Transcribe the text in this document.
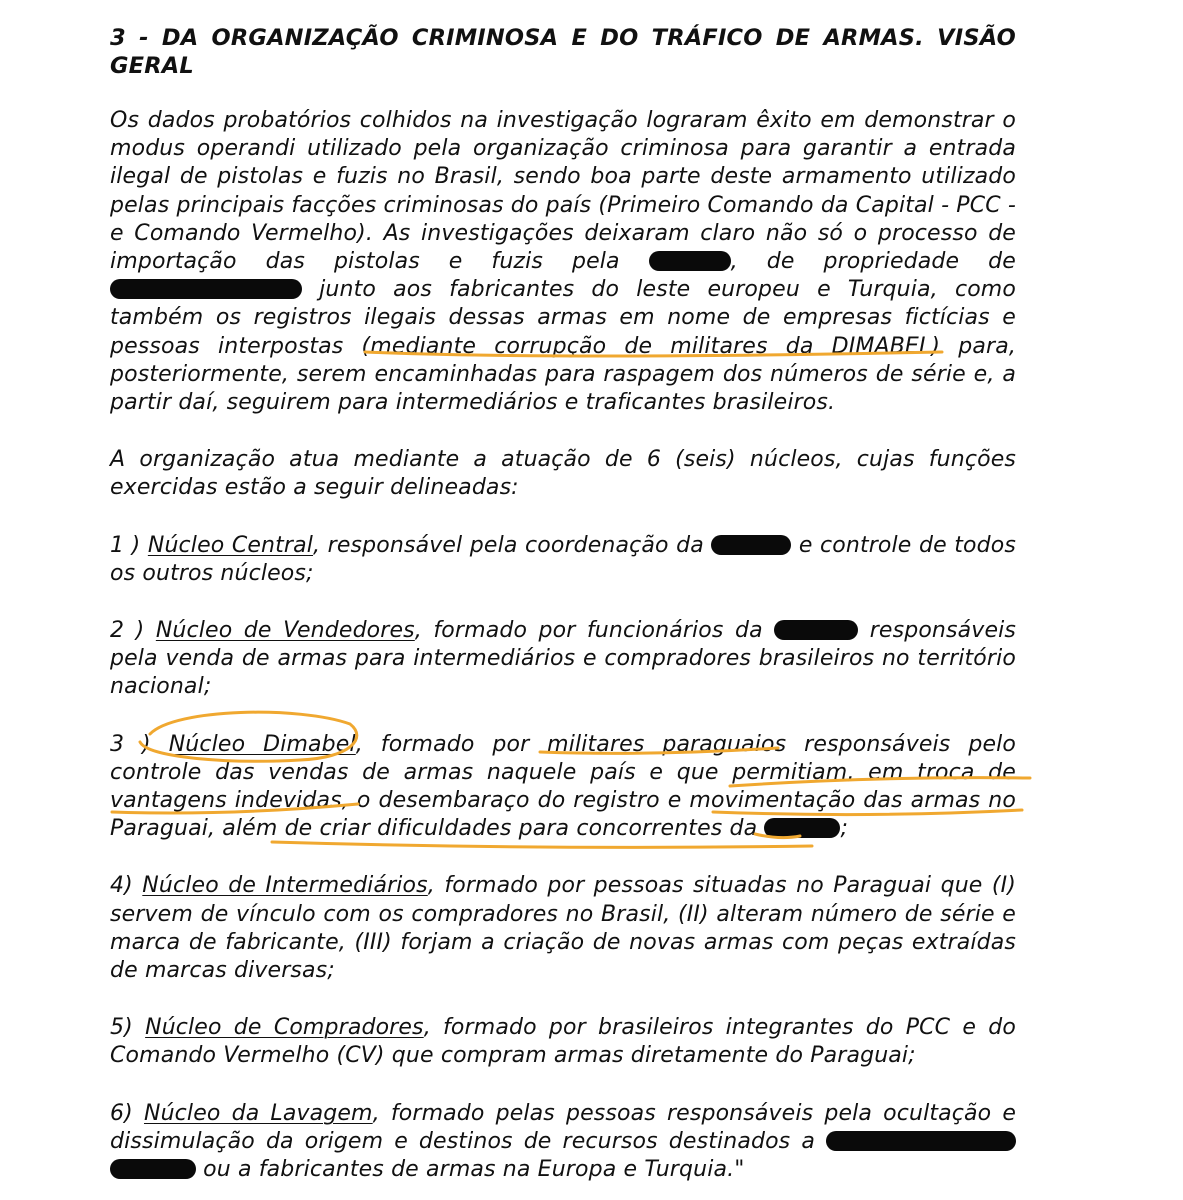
3 - DA ORGANIZAÇÃO CRIMINOSA E DO TRÁFICO DE ARMAS. VISÃO GERAL

Os dados probatórios colhidos na investigação lograram êxito em demonstrar o modus operandi utilizado pela organização criminosa para garantir a entrada ilegal de pistolas e fuzis no Brasil, sendo boa parte deste armamento utilizado pelas principais facções criminosas do país (Primeiro Comando da Capital - PCC - e Comando Vermelho). As investigações deixaram claro não só o processo de importação das pistolas e fuzis pela	, de propriedade de  junto aos fabricantes do leste europeu e Turquia, como também os registros ilegais dessas armas em nome de empresas fictícias e pessoas interpostas (mediante corrupção de militares da DIMABEL) para, posteriormente, serem encaminhadas para raspagem dos números de série e, a partir daí, seguirem para intermediários e traficantes brasileiros.

A organização atua mediante a atuação de 6 (seis) núcleos, cujas funções exercidas estão a seguir delineadas:

1 ) Núcleo Central, responsável pela coordenação da	e controle de todos os outros núcleos;

2 ) Núcleo de Vendedores, formado por funcionários da	responsáveis pela venda de armas para intermediários e compradores brasileiros no território nacional;

3 ) Núcleo Dimabel, formado por militares paraguaios responsáveis pelo controle das vendas de armas naquele país e que permitiam, em troca de vantagens indevidas, o desembaraço do registro e movimentação das armas no Paraguai, além de criar dificuldades para concorrentes da	;

4) Núcleo de Intermediários, formado por pessoas situadas no Paraguai que (I) servem de vínculo com os compradores no Brasil, (II) alteram número de série e marca de fabricante, (III) forjam a criação de novas armas com peças extraídas de marcas diversas;

5) Núcleo de Compradores, formado por brasileiros integrantes do PCC e do Comando Vermelho (CV) que compram armas diretamente do Paraguai;

6) Núcleo da Lavagem, formado pelas pessoas responsáveis pela ocultação e dissimulação da origem e destinos de recursos destinados a   ou a fabricantes de armas na Europa e Turquia."
